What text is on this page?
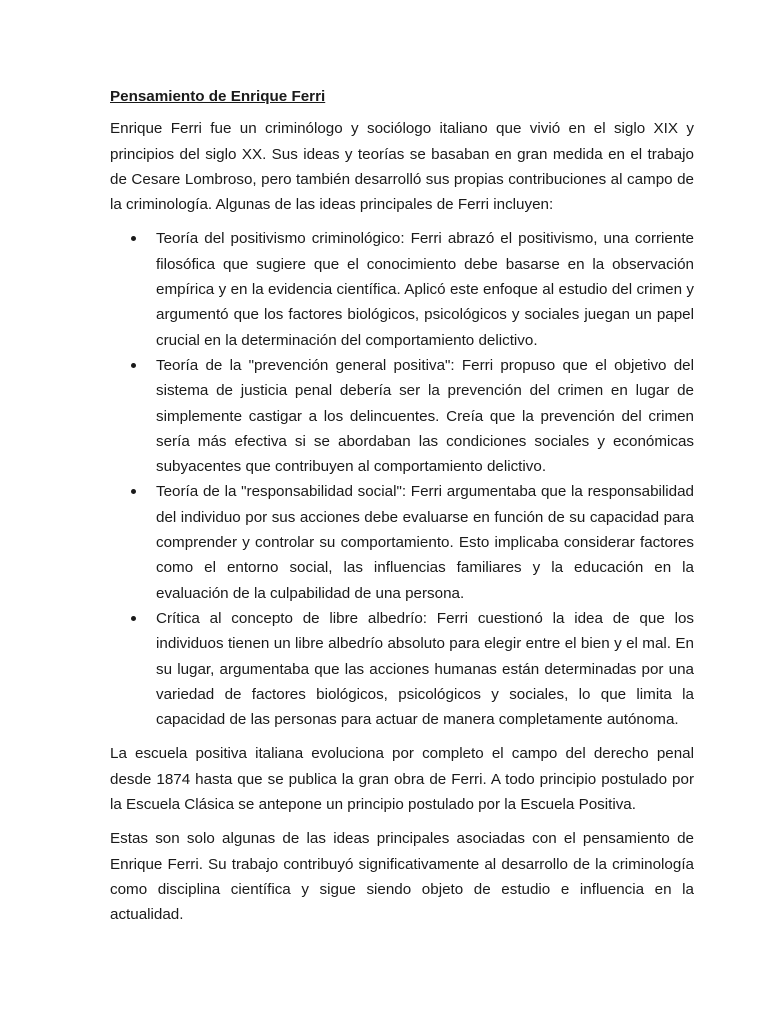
Pensamiento de Enrique Ferri

Enrique Ferri fue un criminólogo y sociólogo italiano que vivió en el siglo XIX y principios del siglo XX. Sus ideas y teorías se basaban en gran medida en el trabajo de Cesare Lombroso, pero también desarrolló sus propias contribuciones al campo de la criminología. Algunas de las ideas principales de Ferri incluyen:

Teoría del positivismo criminológico: Ferri abrazó el positivismo, una corriente filosófica que sugiere que el conocimiento debe basarse en la observación empírica y en la evidencia científica. Aplicó este enfoque al estudio del crimen y argumentó que los factores biológicos, psicológicos y sociales juegan un papel crucial en la determinación del comportamiento delictivo.
Teoría de la "prevención general positiva": Ferri propuso que el objetivo del sistema de justicia penal debería ser la prevención del crimen en lugar de simplemente castigar a los delincuentes. Creía que la prevención del crimen sería más efectiva si se abordaban las condiciones sociales y económicas subyacentes que contribuyen al comportamiento delictivo.
Teoría de la "responsabilidad social": Ferri argumentaba que la responsabilidad del individuo por sus acciones debe evaluarse en función de su capacidad para comprender y controlar su comportamiento. Esto implicaba considerar factores como el entorno social, las influencias familiares y la educación en la evaluación de la culpabilidad de una persona.
Crítica al concepto de libre albedrío: Ferri cuestionó la idea de que los individuos tienen un libre albedrío absoluto para elegir entre el bien y el mal. En su lugar, argumentaba que las acciones humanas están determinadas por una variedad de factores biológicos, psicológicos y sociales, lo que limita la capacidad de las personas para actuar de manera completamente autónoma.

La escuela positiva italiana evoluciona por completo el campo del derecho penal desde 1874 hasta que se publica la gran obra de Ferri. A todo principio postulado por la Escuela Clásica se antepone un principio postulado por la Escuela Positiva.

Estas son solo algunas de las ideas principales asociadas con el pensamiento de Enrique Ferri. Su trabajo contribuyó significativamente al desarrollo de la criminología como disciplina científica y sigue siendo objeto de estudio e influencia en la actualidad.
